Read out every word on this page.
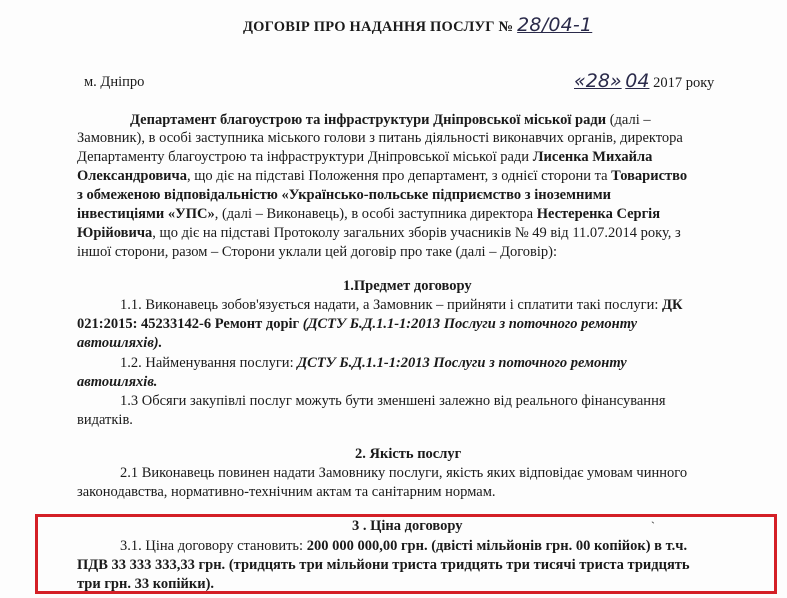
ДОГОВІР ПРО НАДАННЯ ПОСЛУГ № 28/04-1
м. Дніпро	«28» 04 2017 року
Департамент благоустрою та інфраструктури Дніпровської міської ради (далі –
Замовник), в особі заступника міського голови з питань діяльності виконавчих органів, директора
Департаменту благоустрою та інфраструктури Дніпровської міської ради Лисенка Михайла
Олександровича, що діє на підставі Положення про департамент, з однієї сторони та Товариство
з обмеженою відповідальністю «Українсько-польське підприємство з іноземними
інвестиціями «УПС», (далі – Виконавець), в особі заступника директора Нестеренка Сергія
Юрійовича, що діє на підставі Протоколу загальних зборів учасників № 49 від 11.07.2014 року, з
іншої сторони, разом – Сторони уклали цей договір про таке (далі – Договір):
1.Предмет договору
1.1. Виконавець зобов'язується надати, а Замовник – прийняти і сплатити такі послуги: ДК
021:2015: 45233142-6 Ремонт доріг (ДСТУ Б.Д.1.1-1:2013 Послуги з поточного ремонту
автошляхів).
1.2. Найменування послуги: ДСТУ Б.Д.1.1-1:2013 Послуги з поточного ремонту
автошляхів.
1.3 Обсяги закупівлі послуг можуть бути зменшені залежно від реального фінансування
видатків.
2. Якість послуг
2.1 Виконавець повинен надати Замовнику послуги, якість яких відповідає умовам чинного
законодавства, нормативно-технічним актам та санітарним нормам.
3 . Ціна договору	ˋ
3.1. Ціна договору становить: 200 000 000,00 грн. (двісті мільйонів грн. 00 копійок) в т.ч.
ПДВ 33 333 333,33 грн. (тридцять три мільйони триста тридцять три тисячі триста тридцять
три грн. 33 копійки).
